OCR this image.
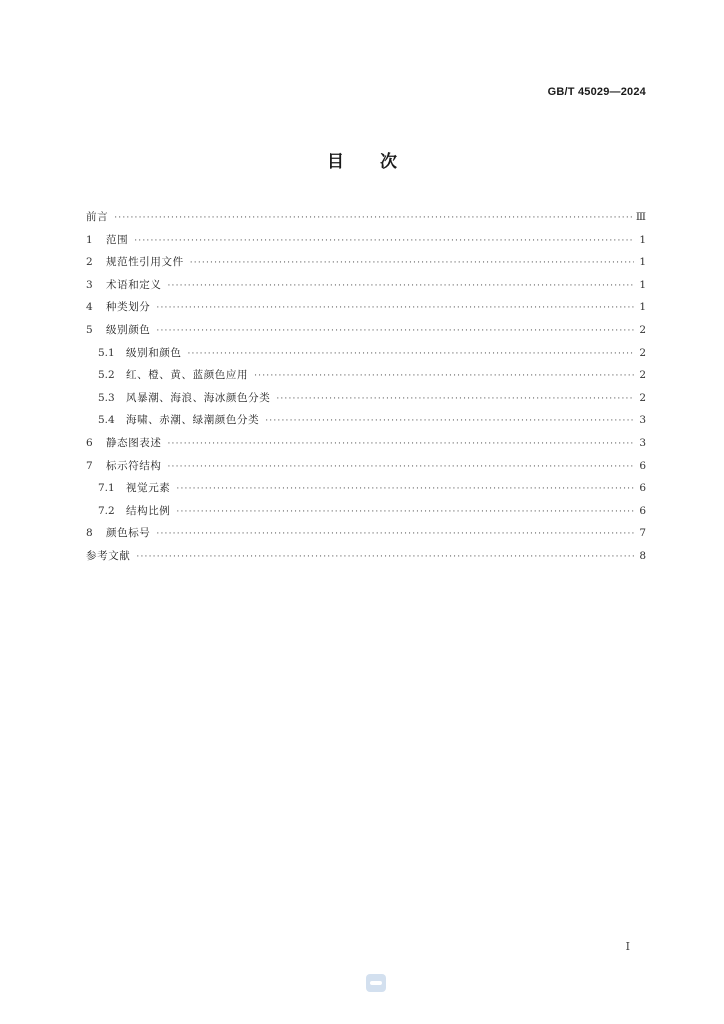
GB/T 45029—2024
目 次
前言 ·····	Ⅲ
1	范围 ·····	1
2	规范性引用文件 ·····	1
3	术语和定义 ·····	1
4	种类划分 ·····	1
5	级别颜色 ·····	2
5.1	级别和颜色 ·····	2
5.2	红、橙、黄、蓝颜色应用 ·····	2
5.3	风暴潮、海浪、海冰颜色分类 ·····	2
5.4	海啸、赤潮、绿潮颜色分类 ·····	3
6	静态图表述 ·····	3
7	标示符结构 ·····	6
7.1	视觉元素 ·····	6
7.2	结构比例 ·····	6
8	颜色标号 ·····	7
参考文献 ·····	8
I
